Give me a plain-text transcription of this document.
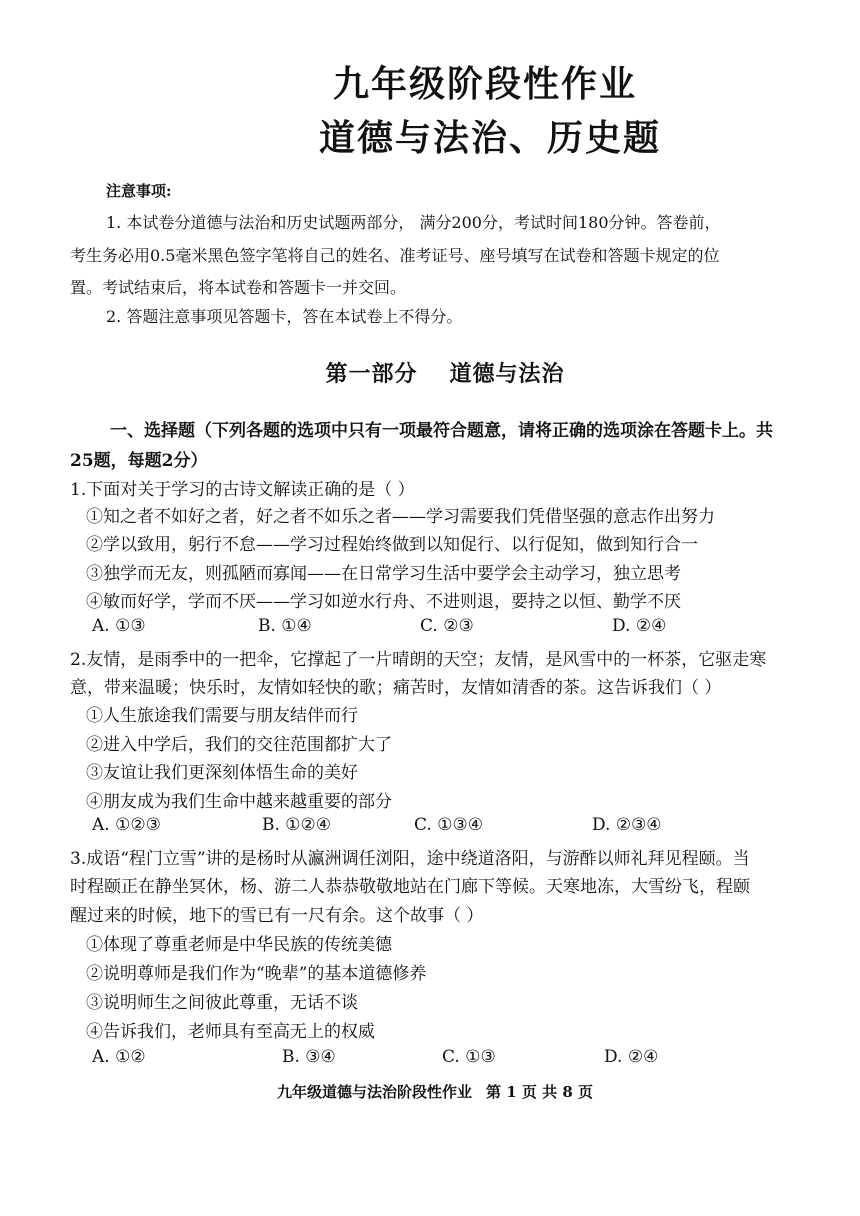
九年级阶段性作业
道德与法治、历史题
注意事项:
1. 本试卷分道德与法治和历史试题两部分， 满分200分，考试时间180分钟。答卷前，
考生务必用0.5毫米黑色签字笔将自己的姓名、准考证号、座号填写在试卷和答题卡规定的位
置。考试结束后，将本试卷和答题卡一并交回。
2. 答题注意事项见答题卡，答在本试卷上不得分。
第一部分 道德与法治
一、选择题（下列各题的选项中只有一项最符合题意，请将正确的选项涂在答题卡上。共
25题，每题2分）
1.下面对关于学习的古诗文解读正确的是（ ）
①知之者不如好之者，好之者不如乐之者——学习需要我们凭借坚强的意志作出努力
②学以致用，躬行不怠——学习过程始终做到以知促行、以行促知，做到知行合一
③独学而无友，则孤陋而寡闻——在日常学习生活中要学会主动学习，独立思考
④敏而好学，学而不厌——学习如逆水行舟、不进则退，要持之以恒、勤学不厌
A. ①③	B. ①④	C. ②③	D. ②④
2.友情，是雨季中的一把伞，它撑起了一片晴朗的天空；友情，是风雪中的一杯茶，它驱走寒
意，带来温暖；快乐时，友情如轻快的歌；痛苦时，友情如清香的茶。这告诉我们（ ）
①人生旅途我们需要与朋友结伴而行
②进入中学后，我们的交往范围都扩大了
③友谊让我们更深刻体悟生命的美好
④朋友成为我们生命中越来越重要的部分
A. ①②③	B. ①②④	C. ①③④	D. ②③④
3.成语“程门立雪”讲的是杨时从瀛洲调任浏阳，途中绕道洛阳，与游酢以师礼拜见程颐。当
时程颐正在静坐冥休，杨、游二人恭恭敬敬地站在门廊下等候。天寒地冻，大雪纷飞，程颐
醒过来的时候，地下的雪已有一尺有余。这个故事（ ）
①体现了尊重老师是中华民族的传统美德
②说明尊师是我们作为“晚辈”的基本道德修养
③说明师生之间彼此尊重，无话不谈
④告诉我们，老师具有至高无上的权威
A. ①②	B. ③④	C. ①③	D. ②④
九年级道德与法治阶段性作业 第 1 页 共 8 页
